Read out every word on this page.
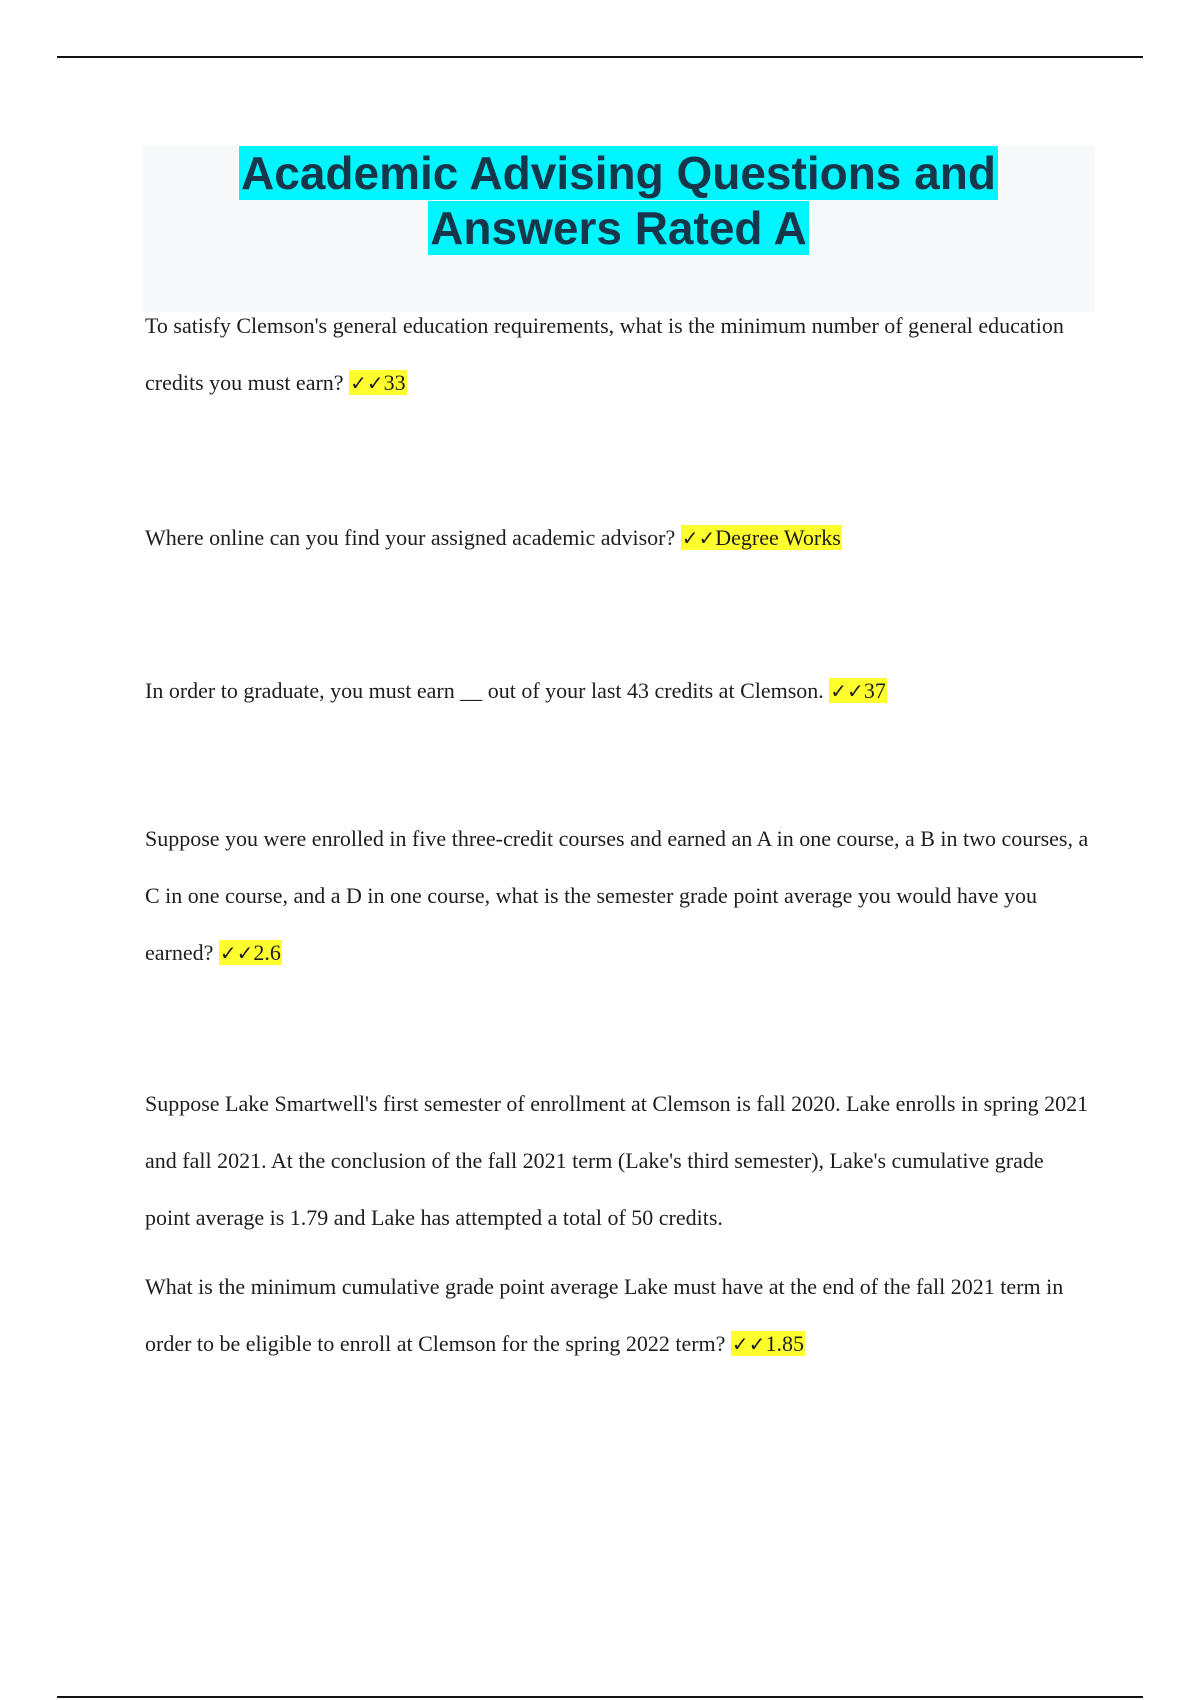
Academic Advising Questions and
Answers Rated A

To satisfy Clemson's general education requirements, what is the minimum number of general education credits you must earn? ✓✓33

Where online can you find your assigned academic advisor? ✓✓Degree Works

In order to graduate, you must earn __ out of your last 43 credits at Clemson. ✓✓37

Suppose you were enrolled in five three-credit courses and earned an A in one course, a B in two courses, a C in one course, and a D in one course, what is the semester grade point average you would have you earned? ✓✓2.6

Suppose Lake Smartwell's first semester of enrollment at Clemson is fall 2020. Lake enrolls in spring 2021 and fall 2021. At the conclusion of the fall 2021 term (Lake's third semester), Lake's cumulative grade point average is 1.79 and Lake has attempted a total of 50 credits.

What is the minimum cumulative grade point average Lake must have at the end of the fall 2021 term in order to be eligible to enroll at Clemson for the spring 2022 term? ✓✓1.85
